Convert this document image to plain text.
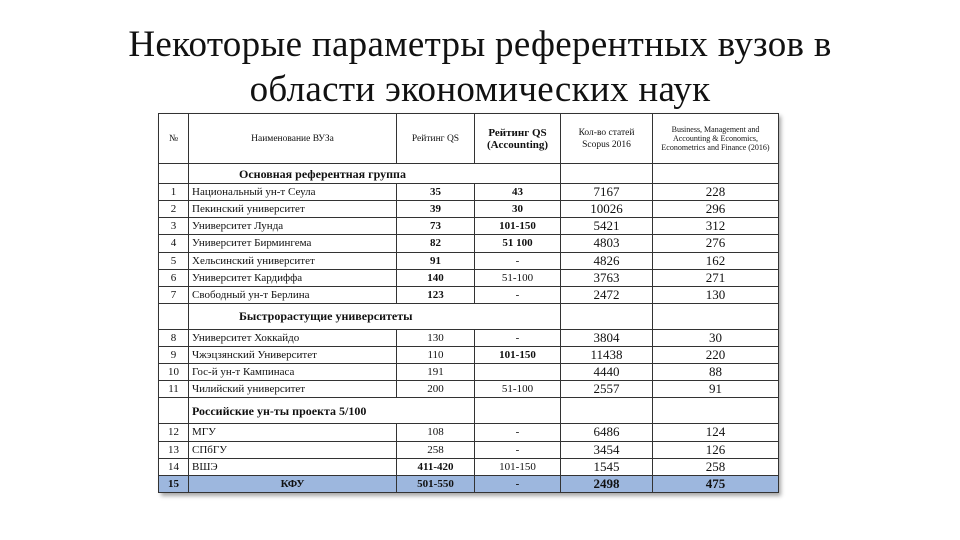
Некоторые параметры референтных вузов в
области экономических наук
№	Наименование ВУЗа	Рейтинг QS	Рейтинг QS (Accounting)	Кол-во статей Scopus 2016	Business, Management and Accounting & Economics, Econometrics and Finance (2016)
	Основная референтная группа				
1	Национальный ун-т Сеула	35	43	7167	228
2	Пекинский университет	39	30	10026	296
3	Университет Лунда	73	101-150	5421	312
4	Университет Бирмингема	82	51 100	4803	276
5	Хельсинский университет	91	-	4826	162
6	Университет Кардиффа	140	51-100	3763	271
7	Свободный ун-т Берлина	123	-	2472	130
	Быстрорастущие университеты				
8	Университет Хоккайдо	130	-	3804	30
9	Чжэцзянский Университет	110	101-150	11438	220
10	Гос-й ун-т Кампинаса	191		4440	88
11	Чилийский университет	200	51-100	2557	91
	Российские ун-ты проекта 5/100				
12	МГУ	108	-	6486	124
13	СПбГУ	258	-	3454	126
14	ВШЭ	411-420	101-150	1545	258
15	КФУ	501-550	-	2498	475
